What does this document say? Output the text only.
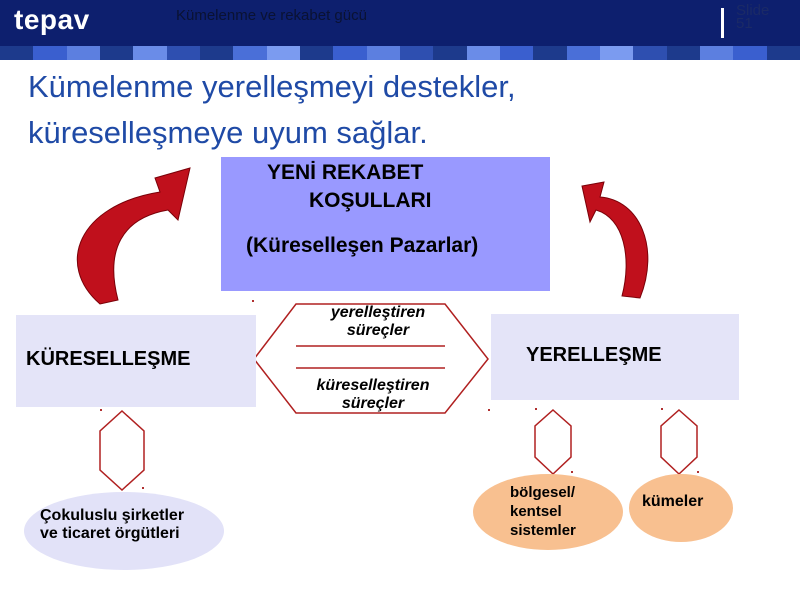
tepav	Kümelenme ve rekabet gücü	Slide
51
Kümelenme yerelleşmeyi destekler,
küreselleşmeye uyum sağlar.
YENİ REKABET
KOŞULLARI
(Küreselleşen Pazarlar)
KÜRESELLEŞME	YERELLEŞME
yerelleştiren
süreçler
küreselleştiren
süreçler
Çokuluslu şirketler
ve ticaret örgütleri
bölgesel/
kentsel
sistemler
kümeler
